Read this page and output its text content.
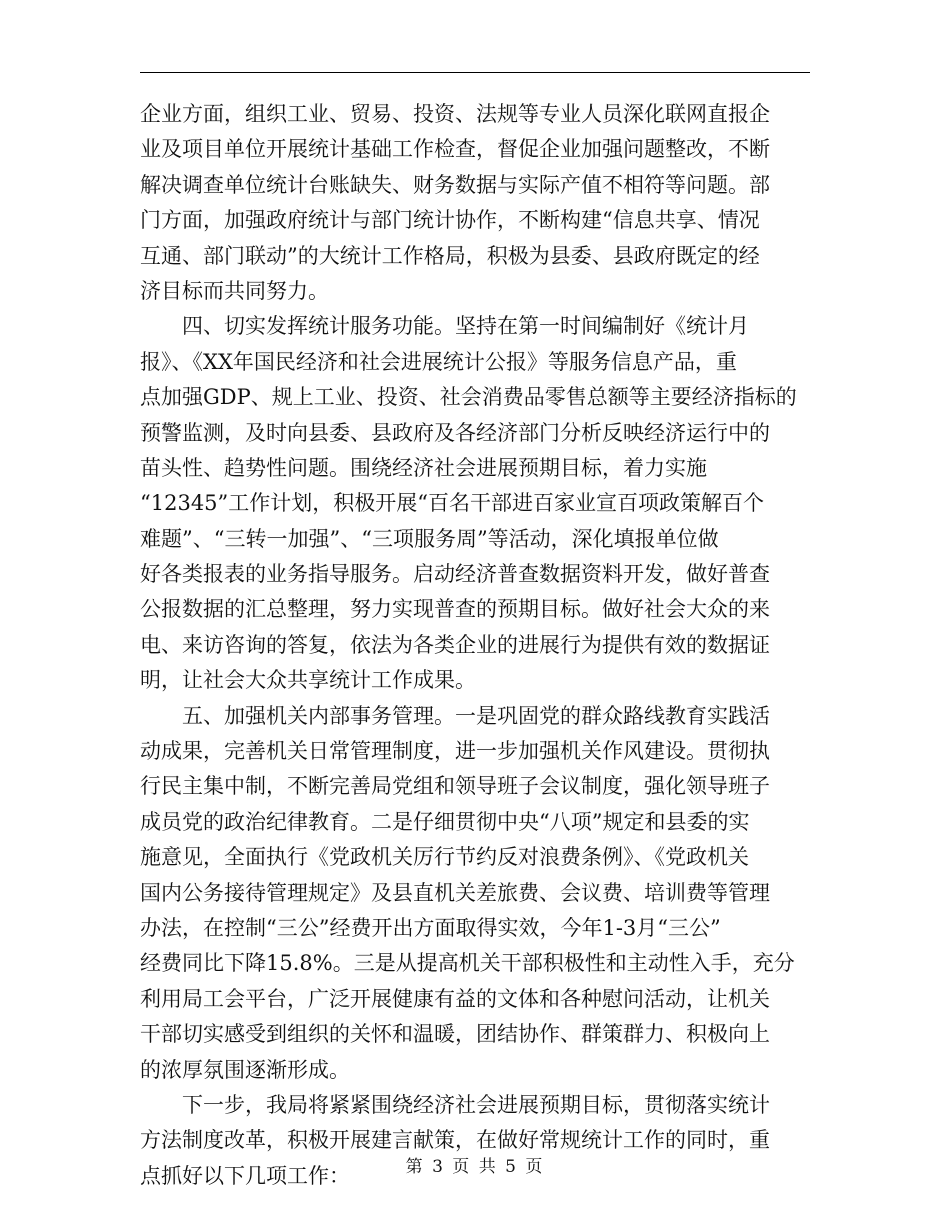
企业方面，组织工业、贸易、投资、法规等专业人员深化联网直报企
业及项目单位开展统计基础工作检查，督促企业加强问题整改，不断
解决调查单位统计台账缺失、财务数据与实际产值不相符等问题。部
门方面，加强政府统计与部门统计协作，不断构建“信息共享、情况
互通、部门联动”的大统计工作格局，积极为县委、县政府既定的经
济目标而共同努力。
四、切实发挥统计服务功能。坚持在第一时间编制好《统计月
报》、《XX年国民经济和社会进展统计公报》等服务信息产品，重
点加强GDP、规上工业、投资、社会消费品零售总额等主要经济指标的
预警监测，及时向县委、县政府及各经济部门分析反映经济运行中的
苗头性、趋势性问题。围绕经济社会进展预期目标，着力实施
“12345”工作计划，积极开展“百名干部进百家业宣百项政策解百个
难题”、“三转一加强”、“三项服务周”等活动，深化填报单位做
好各类报表的业务指导服务。启动经济普查数据资料开发，做好普查
公报数据的汇总整理，努力实现普查的预期目标。做好社会大众的来
电、来访咨询的答复，依法为各类企业的进展行为提供有效的数据证
明，让社会大众共享统计工作成果。
五、加强机关内部事务管理。一是巩固党的群众路线教育实践活
动成果，完善机关日常管理制度，进一步加强机关作风建设。贯彻执
行民主集中制，不断完善局党组和领导班子会议制度，强化领导班子
成员党的政治纪律教育。二是仔细贯彻中央“八项”规定和县委的实
施意见，全面执行《党政机关厉行节约反对浪费条例》、《党政机关
国内公务接待管理规定》及县直机关差旅费、会议费、培训费等管理
办法，在控制“三公”经费开出方面取得实效，今年1-3月“三公”
经费同比下降15.8%。三是从提高机关干部积极性和主动性入手，充分
利用局工会平台，广泛开展健康有益的文体和各种慰问活动，让机关
干部切实感受到组织的关怀和温暖，团结协作、群策群力、积极向上
的浓厚氛围逐渐形成。
下一步，我局将紧紧围绕经济社会进展预期目标，贯彻落实统计
方法制度改革，积极开展建言献策，在做好常规统计工作的同时，重
点抓好以下几项工作：	第 3 页 共 5 页
